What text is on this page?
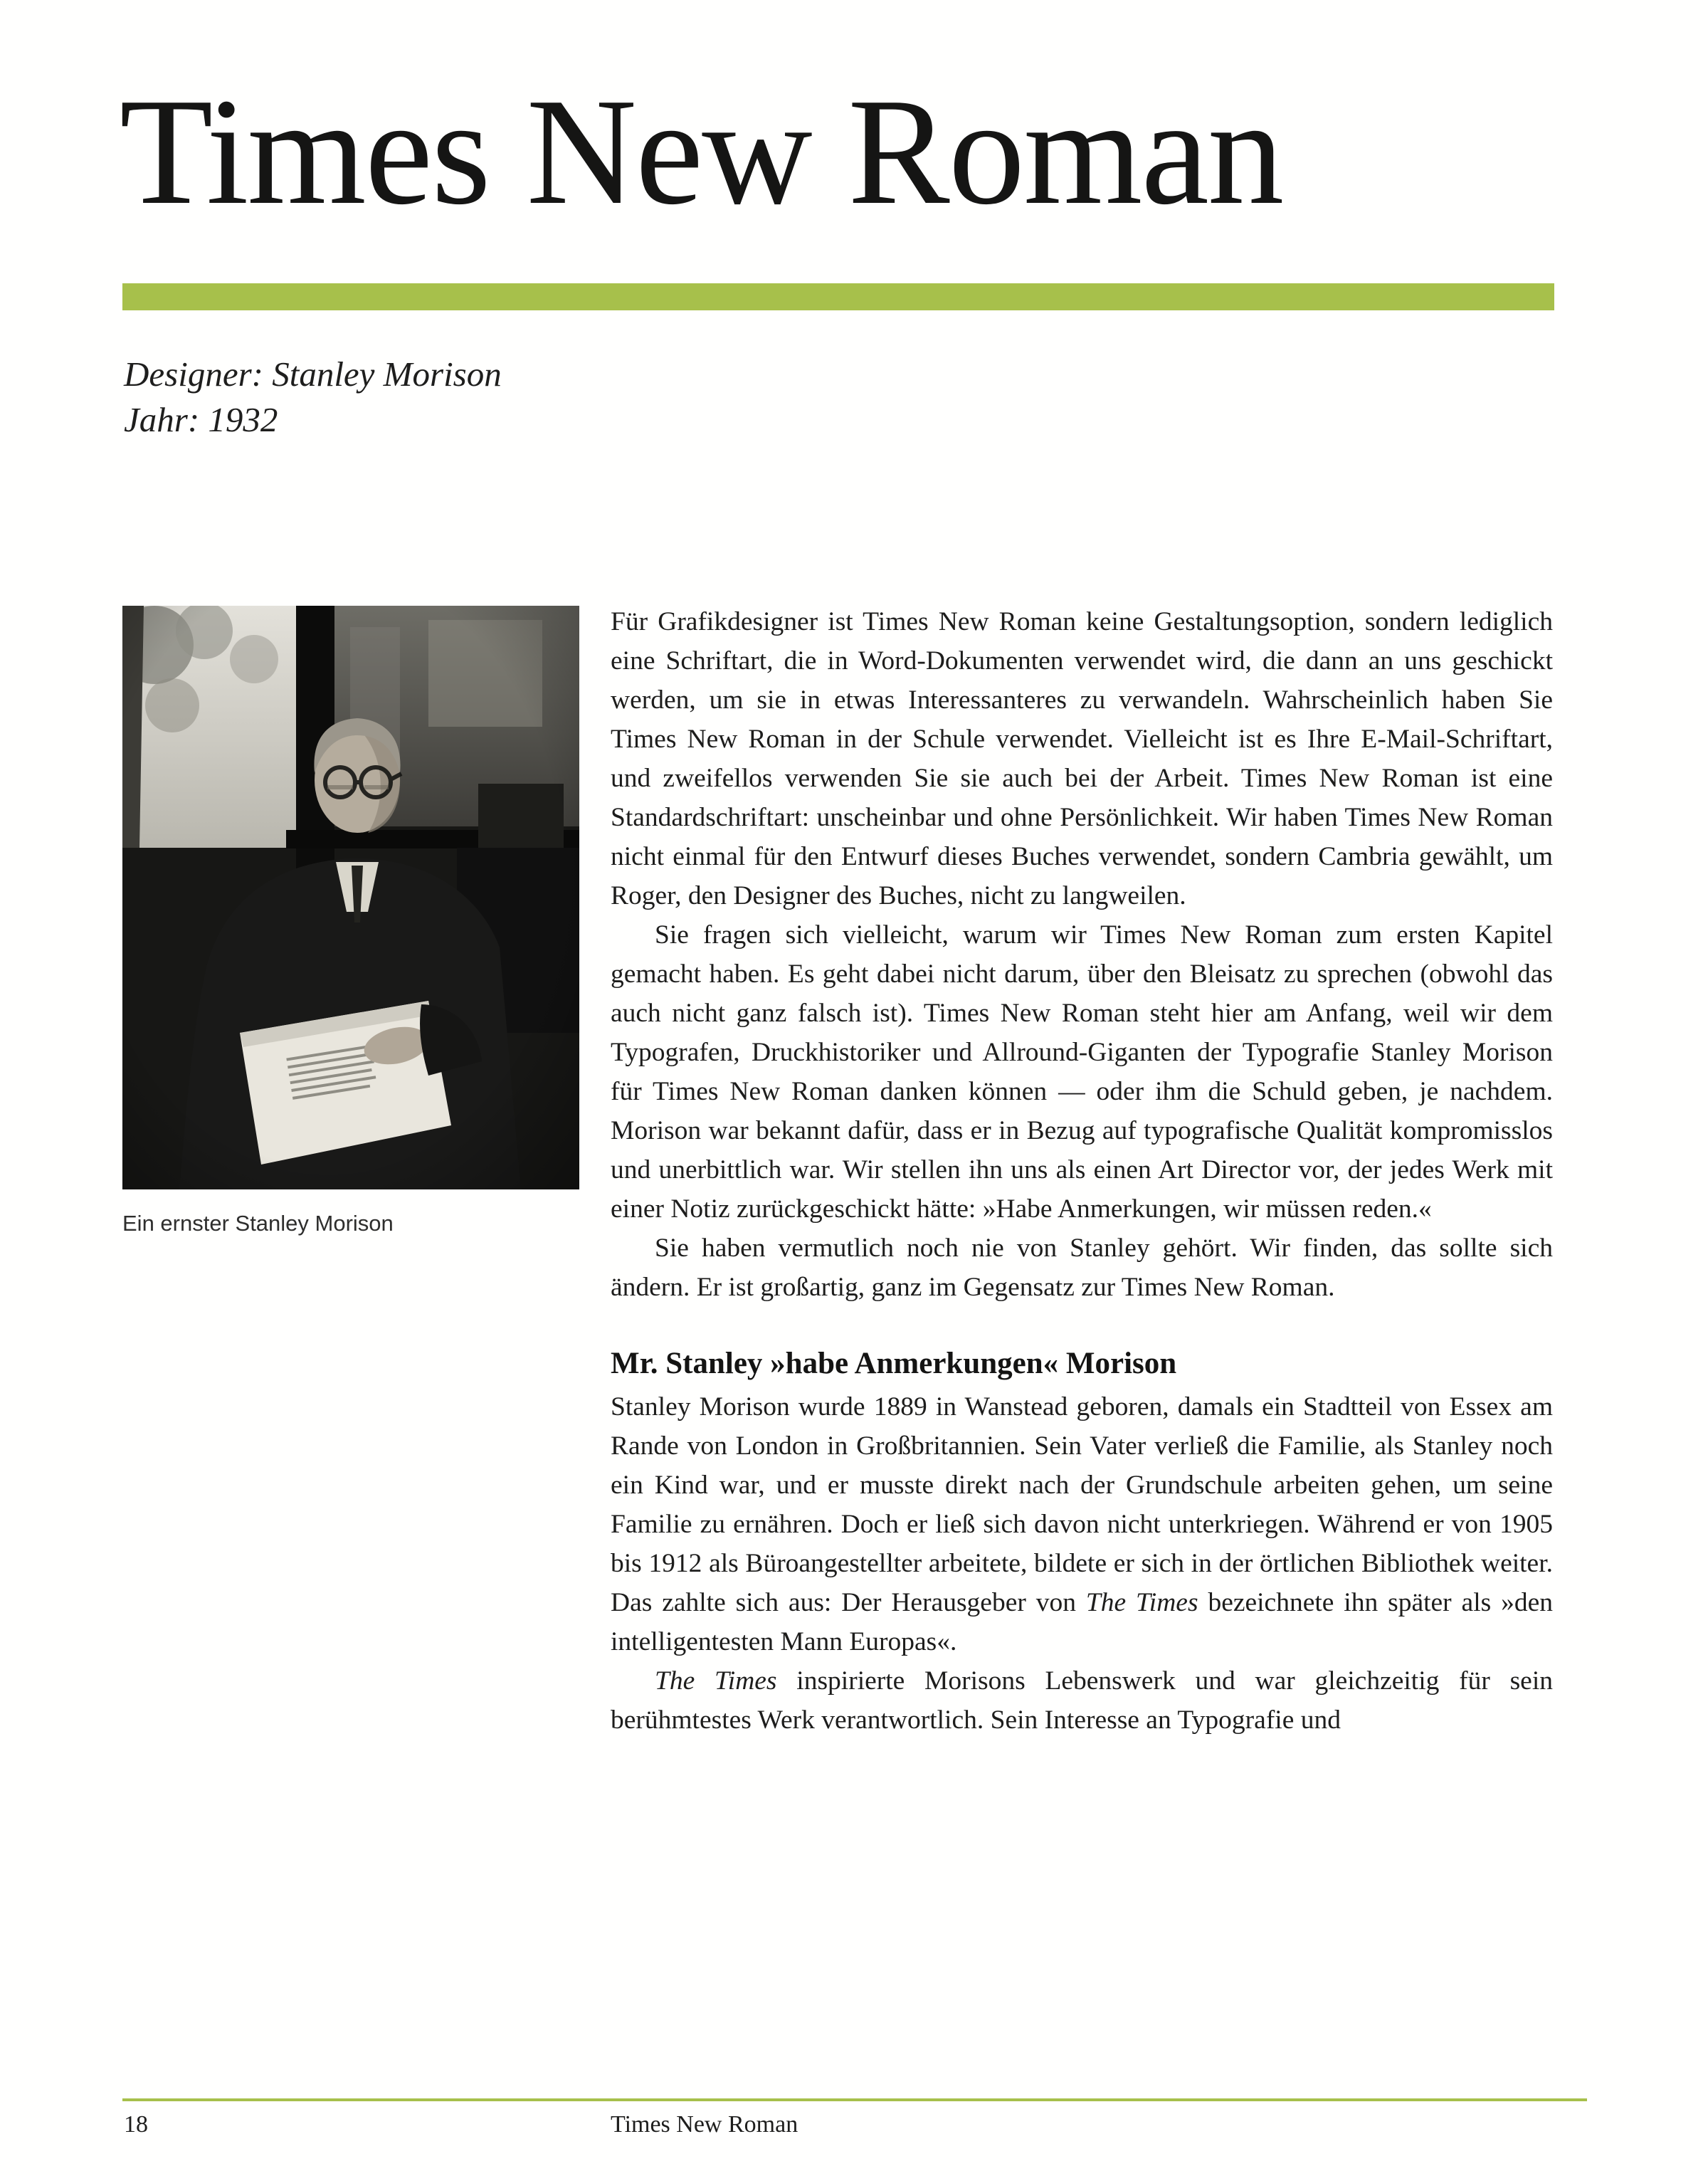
Times New Roman
Designer: Stanley Morison
Jahr: 1932
Ein ernster Stanley Morison

Für Grafikdesigner ist Times New Roman keine Gestaltungsoption, sondern lediglich eine Schriftart, die in Word-Dokumenten verwendet wird, die dann an uns geschickt werden, um sie in etwas Interessanteres zu verwandeln. Wahrscheinlich haben Sie Times New Roman in der Schule verwendet. Vielleicht ist es Ihre E-Mail-Schriftart, und zweifellos verwenden Sie sie auch bei der Arbeit. Times New Roman ist eine Standardschriftart: unscheinbar und ohne Persönlichkeit. Wir haben Times New Roman nicht einmal für den Entwurf dieses Buches verwendet, sondern Cambria gewählt, um Roger, den Designer des Buches, nicht zu langweilen.

Sie fragen sich vielleicht, warum wir Times New Roman zum ersten Kapitel gemacht haben. Es geht dabei nicht darum, über den Bleisatz zu sprechen (obwohl das auch nicht ganz falsch ist). Times New Roman steht hier am Anfang, weil wir dem Typografen, Druckhistoriker und Allround-Giganten der Typografie Stanley Morison für Times New Roman danken können — oder ihm die Schuld geben, je nachdem. Morison war bekannt dafür, dass er in Bezug auf typografische Qualität kompromisslos und unerbittlich war. Wir stellen ihn uns als einen Art Director vor, der jedes Werk mit einer Notiz zurückgeschickt hätte: »Habe Anmerkungen, wir müssen reden.«

Sie haben vermutlich noch nie von Stanley gehört. Wir finden, das sollte sich ändern. Er ist großartig, ganz im Gegensatz zur Times New Roman.

Mr. Stanley »habe Anmerkungen« Morison

Stanley Morison wurde 1889 in Wanstead geboren, damals ein Stadtteil von Essex am Rande von London in Großbritannien. Sein Vater verließ die Familie, als Stanley noch ein Kind war, und er musste direkt nach der Grundschule arbeiten gehen, um seine Familie zu ernähren. Doch er ließ sich davon nicht unterkriegen. Während er von 1905 bis 1912 als Büroangestellter arbeitete, bildete er sich in der örtlichen Bibliothek weiter. Das zahlte sich aus: Der Herausgeber von The Times bezeichnete ihn später als »den intelligentesten Mann Europas«.

The Times inspirierte Morisons Lebenswerk und war gleichzeitig für sein berühmtestes Werk verantwortlich. Sein Interesse an Typografie und

18	Times New Roman
